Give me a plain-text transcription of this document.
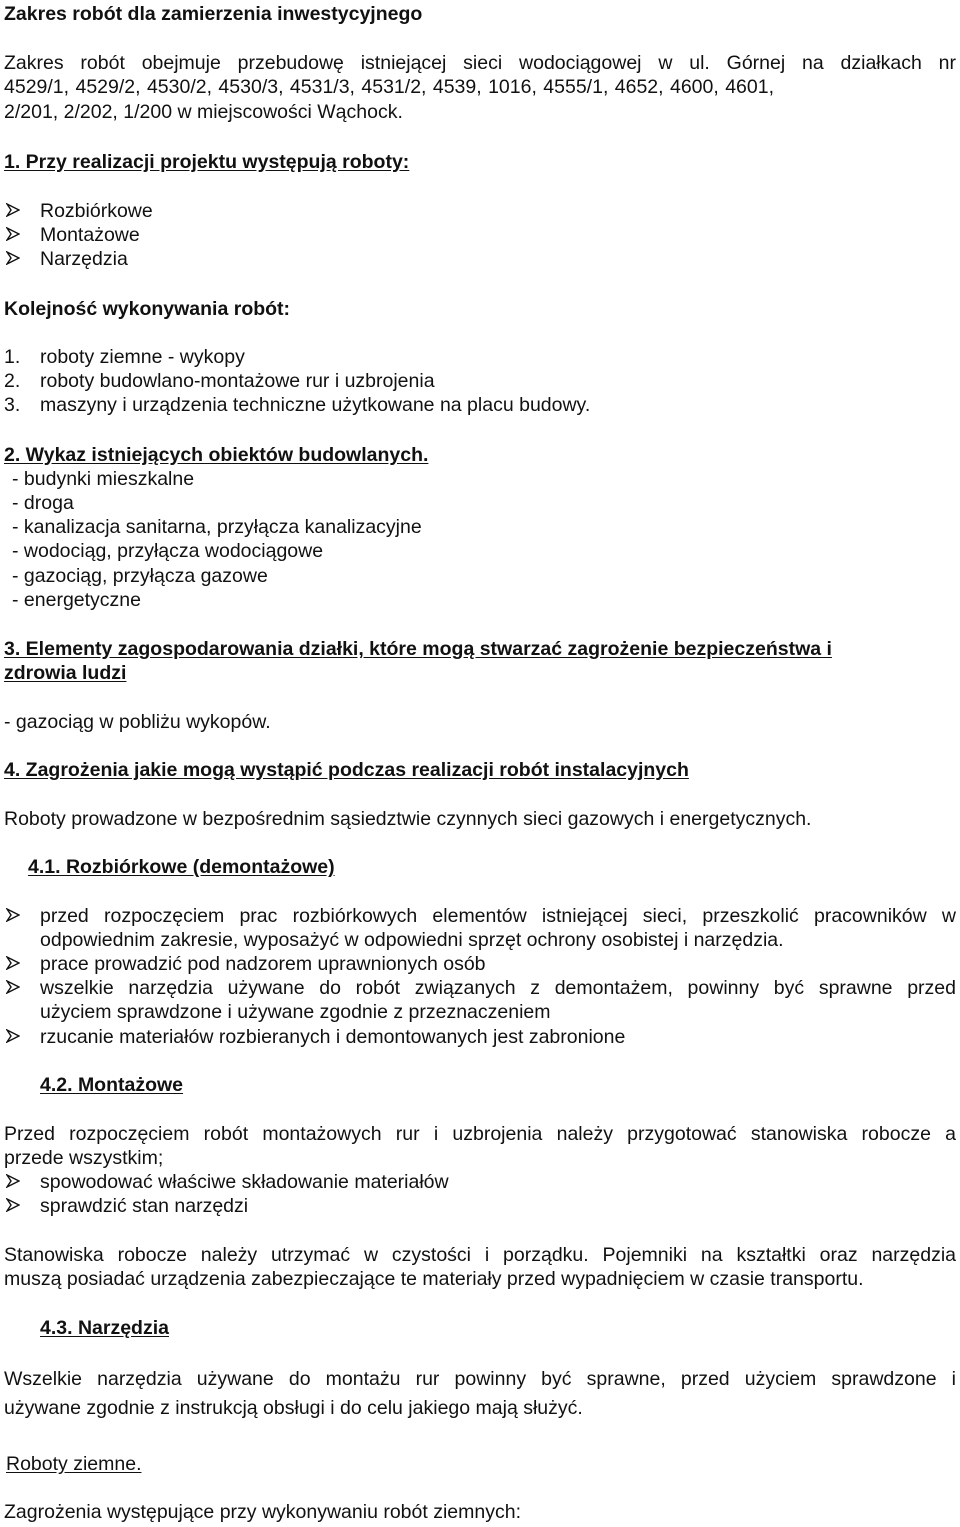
Zakres robót dla zamierzenia inwestycyjnego
Zakres robót obejmuje przebudowę istniejącej sieci wodociągowej w ul. Górnej na działkach nr
4529/1, 4529/2, 4530/2, 4530/3, 4531/3, 4531/2, 4539, 1016, 4555/1, 4652, 4600, 4601,
2/201, 2/202, 1/200 w miejscowości Wąchock.
1. Przy realizacji projektu występują roboty:
Rozbiórkowe
Montażowe
Narzędzia
Kolejność wykonywania robót:
1. roboty ziemne - wykopy
2. roboty budowlano-montażowe rur i uzbrojenia
3. maszyny i urządzenia techniczne użytkowane na placu budowy.
2. Wykaz istniejących obiektów budowlanych.
- budynki mieszkalne
- droga
- kanalizacja sanitarna, przyłącza kanalizacyjne
- wodociąg, przyłącza wodociągowe
- gazociąg, przyłącza gazowe
- energetyczne
3. Elementy zagospodarowania działki, które mogą stwarzać zagrożenie bezpieczeństwa i
zdrowia ludzi
- gazociąg w pobliżu wykopów.
4. Zagrożenia jakie mogą wystąpić podczas realizacji robót instalacyjnych
Roboty prowadzone w bezpośrednim sąsiedztwie czynnych sieci gazowych i energetycznych.
4.1. Rozbiórkowe (demontażowe)
przed rozpoczęciem prac rozbiórkowych elementów istniejącej sieci, przeszkolić pracowników w
odpowiednim zakresie, wyposażyć w odpowiedni sprzęt ochrony osobistej i narzędzia.
prace prowadzić pod nadzorem uprawnionych osób
wszelkie narzędzia używane do robót związanych z demontażem, powinny być sprawne przed
użyciem sprawdzone i używane zgodnie z przeznaczeniem
rzucanie materiałów rozbieranych i demontowanych jest zabronione
4.2. Montażowe
Przed rozpoczęciem robót montażowych rur i uzbrojenia należy przygotować stanowiska robocze a
przede wszystkim;
spowodować właściwe składowanie materiałów
sprawdzić stan narzędzi
Stanowiska robocze należy utrzymać w czystości i porządku. Pojemniki na kształtki oraz narzędzia
muszą posiadać urządzenia zabezpieczające te materiały przed wypadnięciem w czasie transportu.
4.3. Narzędzia
Wszelkie narzędzia używane do montażu rur powinny być sprawne, przed użyciem sprawdzone i
używane zgodnie z instrukcją obsługi i do celu jakiego mają służyć.
Roboty ziemne.
Zagrożenia występujące przy wykonywaniu robót ziemnych:
